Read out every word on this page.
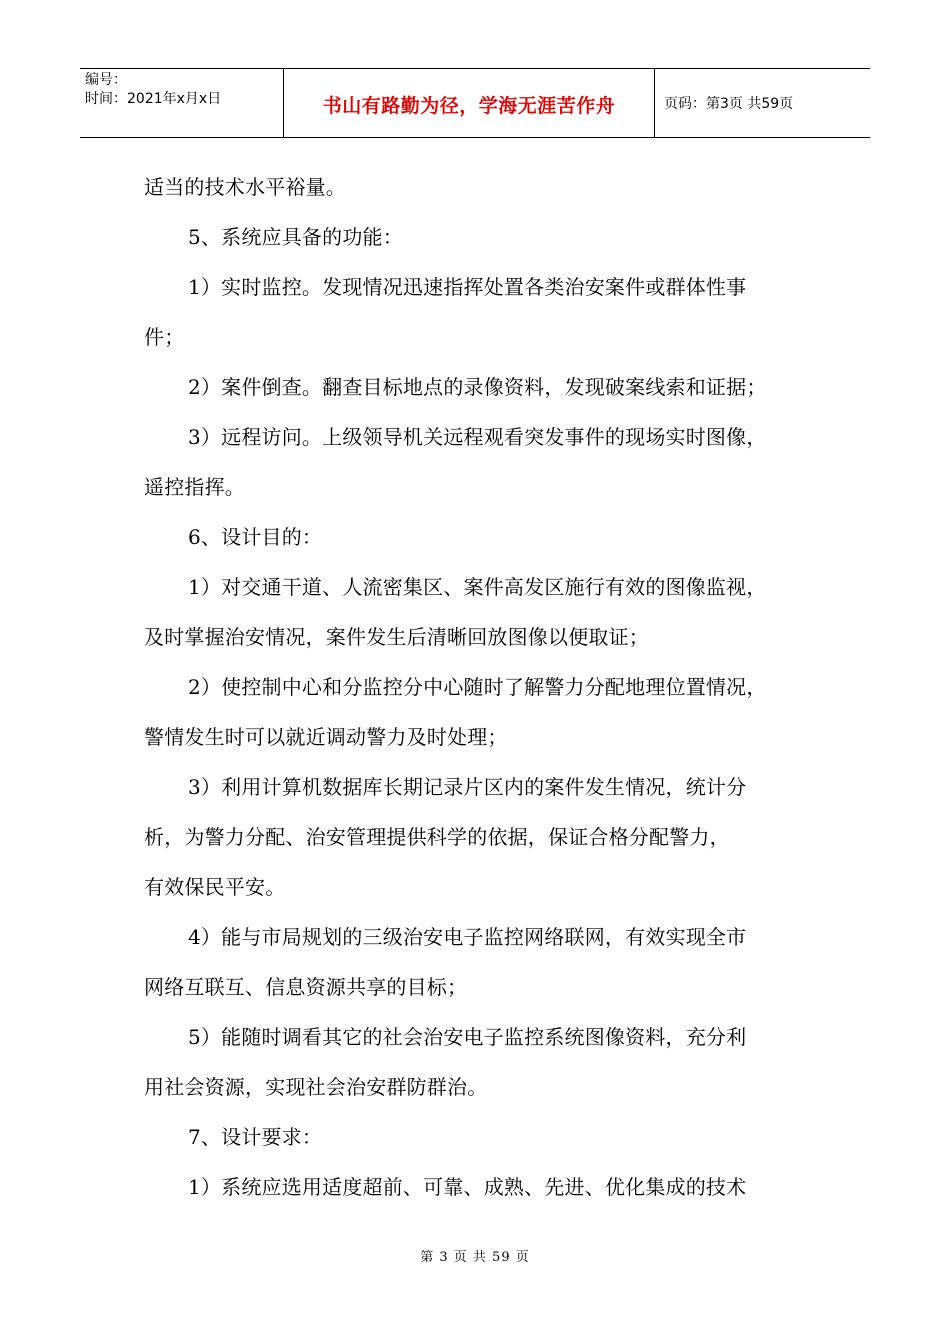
编号：
时间：2021年x月x日	书山有路勤为径，学海无涯苦作舟	页码：第3页 共59页
适当的技术水平裕量。
5、系统应具备的功能：
1）实时监控。发现情况迅速指挥处置各类治安案件或群体性事
件；
2）案件倒查。翻查目标地点的录像资料，发现破案线索和证据；
3）远程访问。上级领导机关远程观看突发事件的现场实时图像，
遥控指挥。
6、设计目的：
1）对交通干道、人流密集区、案件高发区施行有效的图像监视，
及时掌握治安情况，案件发生后清晰回放图像以便取证；
2）使控制中心和分监控分中心随时了解警力分配地理位置情况，
警情发生时可以就近调动警力及时处理；
3）利用计算机数据库长期记录片区内的案件发生情况，统计分
析，为警力分配、治安管理提供科学的依据，保证合格分配警力，
有效保民平安。
4）能与市局规划的三级治安电子监控网络联网，有效实现全市
网络互联互、信息资源共享的目标；
5）能随时调看其它的社会治安电子监控系统图像资料，充分利
用社会资源，实现社会治安群防群治。
7、设计要求：
1）系统应选用适度超前、可靠、成熟、先进、优化集成的技术
第 3 页 共 59 页
